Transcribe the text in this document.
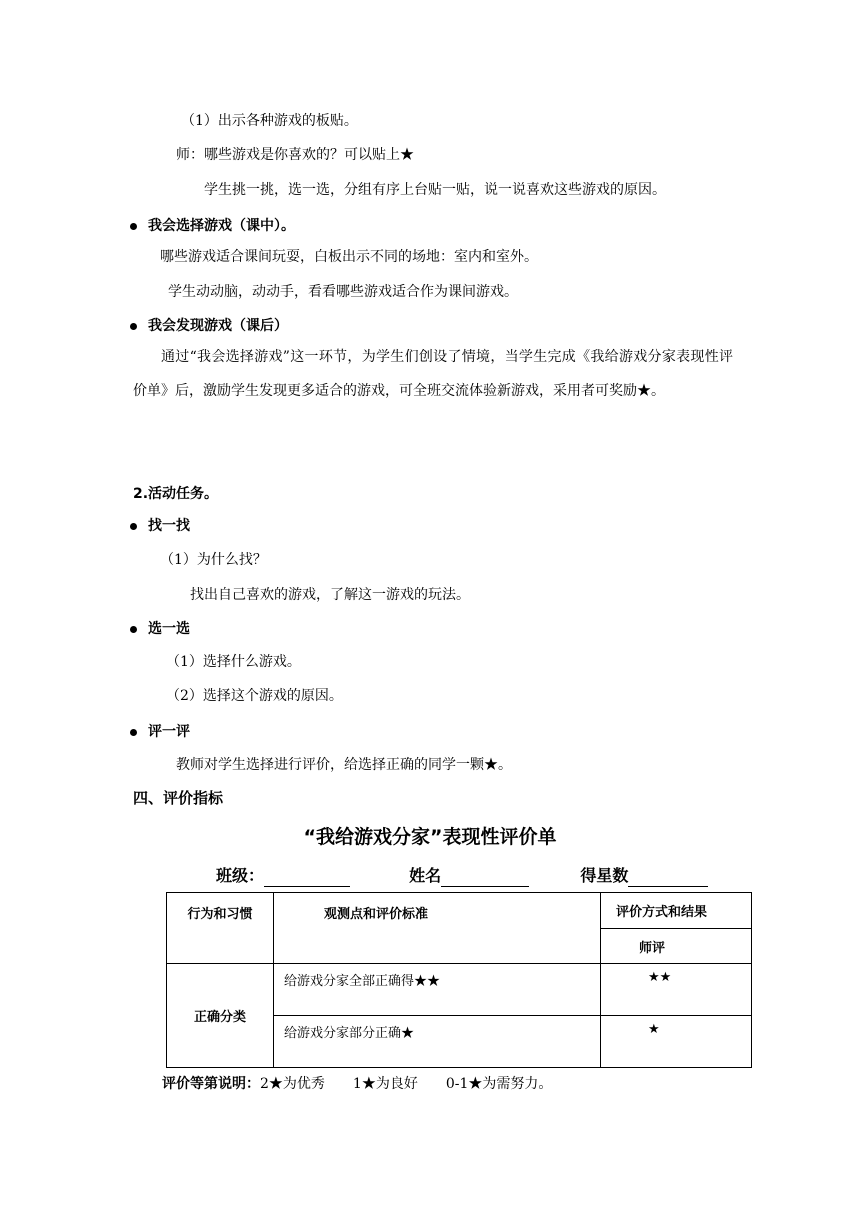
（1）出示各种游戏的板贴。
师：哪些游戏是你喜欢的？可以贴上★
学生挑一挑，选一选，分组有序上台贴一贴，说一说喜欢这些游戏的原因。
我会选择游戏（课中）。
哪些游戏适合课间玩耍，白板出示不同的场地：室内和室外。
学生动动脑，动动手，看看哪些游戏适合作为课间游戏。
我会发现游戏（课后）
通过“我会选择游戏”这一环节，为学生们创设了情境，当学生完成《我给游戏分家表现性评价单》后，激励学生发现更多适合的游戏，可全班交流体验新游戏，采用者可奖励★。
2.活动任务。
找一找
（1）为什么找？
找出自己喜欢的游戏，了解这一游戏的玩法。
选一选
（1）选择什么游戏。
（2）选择这个游戏的原因。
评一评
教师对学生选择进行评价，给选择正确的同学一颗★。
四、评价指标
“我给游戏分家”表现性评价单
班级：	姓名	得星数
行为和习惯	观测点和评价标准	评价方式和结果
		师评
正确分类	给游戏分家全部正确得★★	★★
	给游戏分家部分正确★	★
评价等第说明：2★为优秀　　1★为良好　　0-1★为需努力。
